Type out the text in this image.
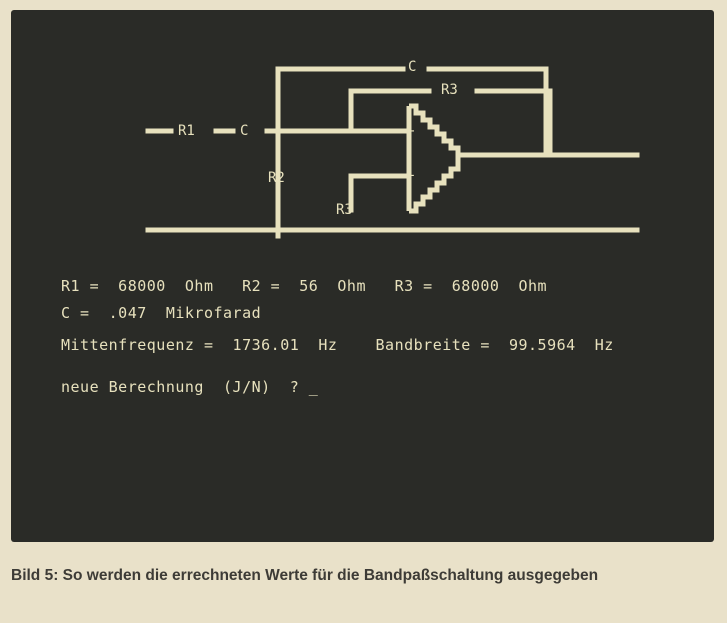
R1	C
C
R3
R2
R3
-
+
R1 =  68000  Ohm   R2 =  56  Ohm   R3 =  68000  Ohm
C =  .047  Mikrofarad
Mittenfrequenz =  1736.01  Hz    Bandbreite =  99.5964  Hz
neue Berechnung  (J/N)  ? _
Bild 5: So werden die errechneten Werte für die Bandpaßschaltung ausgegeben
